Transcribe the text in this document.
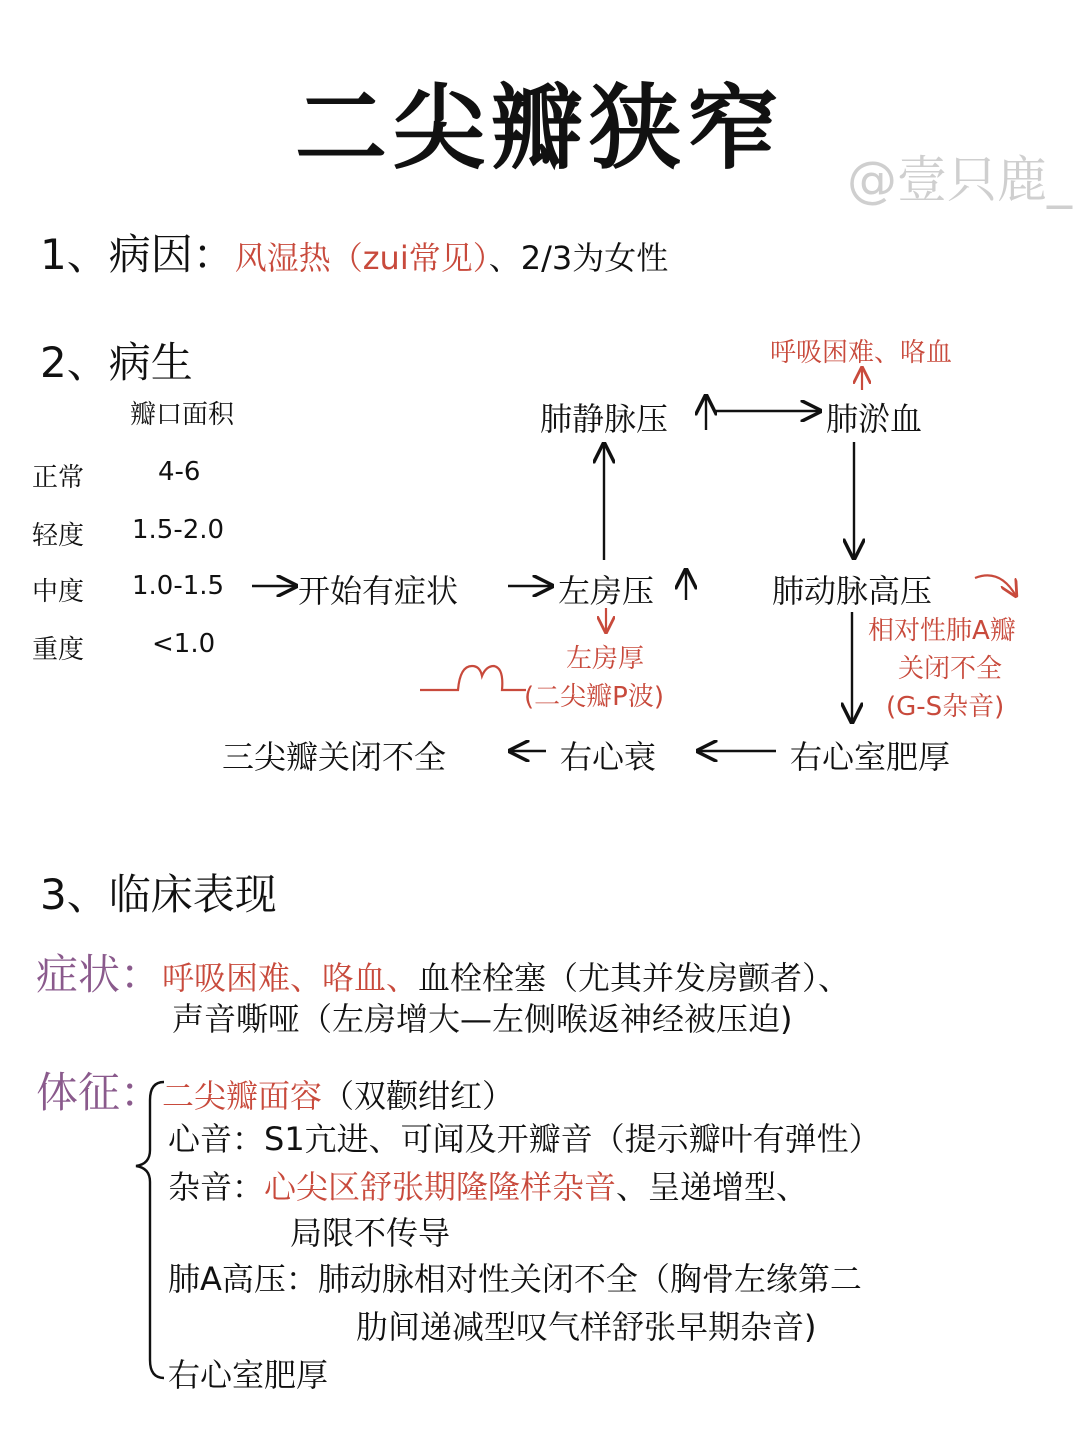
二尖瓣狭窄	@壹只鹿_
1、病因：风湿热（zui常见）、2/3为女性
2、病生
瓣口面积
正常	4-6
轻度 1.5-2.0
中度 1.0-1.5
重度	<1.0
开始有症状	左房压
肺静脉压	肺淤血
呼吸困难、咯血
肺动脉高压
相对性肺A瓣
关闭不全
(G-S杂音)
左房厚
(二尖瓣P波)
右心室肥厚
右心衰
三尖瓣关闭不全
3、临床表现
症状：呼吸困难、咯血、血栓栓塞（尤其并发房颤者）、
声音嘶哑（左房增大—左侧喉返神经被压迫)
体征：二尖瓣面容（双颧绀红）
心音：S1亢进、可闻及开瓣音（提示瓣叶有弹性）
杂音：心尖区舒张期隆隆样杂音、呈递增型、
局限不传导
肺A高压：肺动脉相对性关闭不全（胸骨左缘第二
肋间递减型叹气样舒张早期杂音)
右心室肥厚
